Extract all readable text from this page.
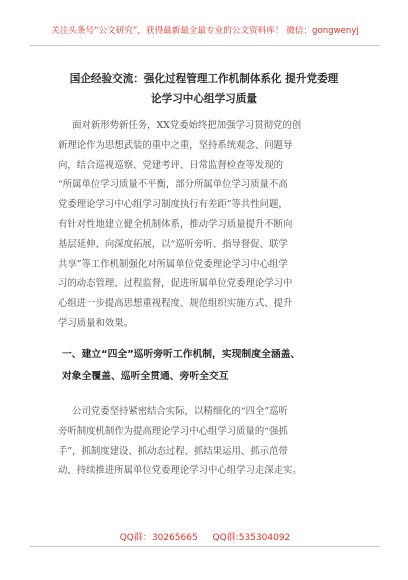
关注头条号“公文研究”，获得最新最全最专业的公文资料库！ 微信：gongwenyj
国企经验交流：强化过程管理工作机制体系化 提升党委理
论学习中心组学习质量
面对新形势新任务，XX党委始终把加强学习贯彻党的创
新理论作为思想武装的重中之重，坚持系统观念、问题导
向，结合巡视巡察、党建考评、日常监督检查等发现的
“所属单位学习质量不平衡，部分所属单位学习质量不高
党委理论学习中心组学习制度执行有差距”等共性问题，
有针对性地建立健全机制体系，推动学习质量提升不断向
基层延伸、向深度拓展，以“巡听旁听、指导督促、联学
共享”等工作机制强化对所属单位党委理论学习中心组学
习的动态管理、过程监督，促进所属单位党委理论学习中
心组进一步提高思想重视程度、规范组织实施方式、提升
学习质量和效果。
一、建立“四全”巡听旁听工作机制，实现制度全涵盖、
对象全覆盖、巡听全贯通、旁听全交互
公司党委坚持紧密结合实际，以精细化的“四全”巡听
旁听制度机制作为提高理论学习中心组学习质量的“强抓
手”，抓制度建设、抓动态过程、抓结果运用、抓示范带
动，持续推进所属单位党委理论学习中心组学习走深走实。
QQ群：30265665 QQ群:535304092
